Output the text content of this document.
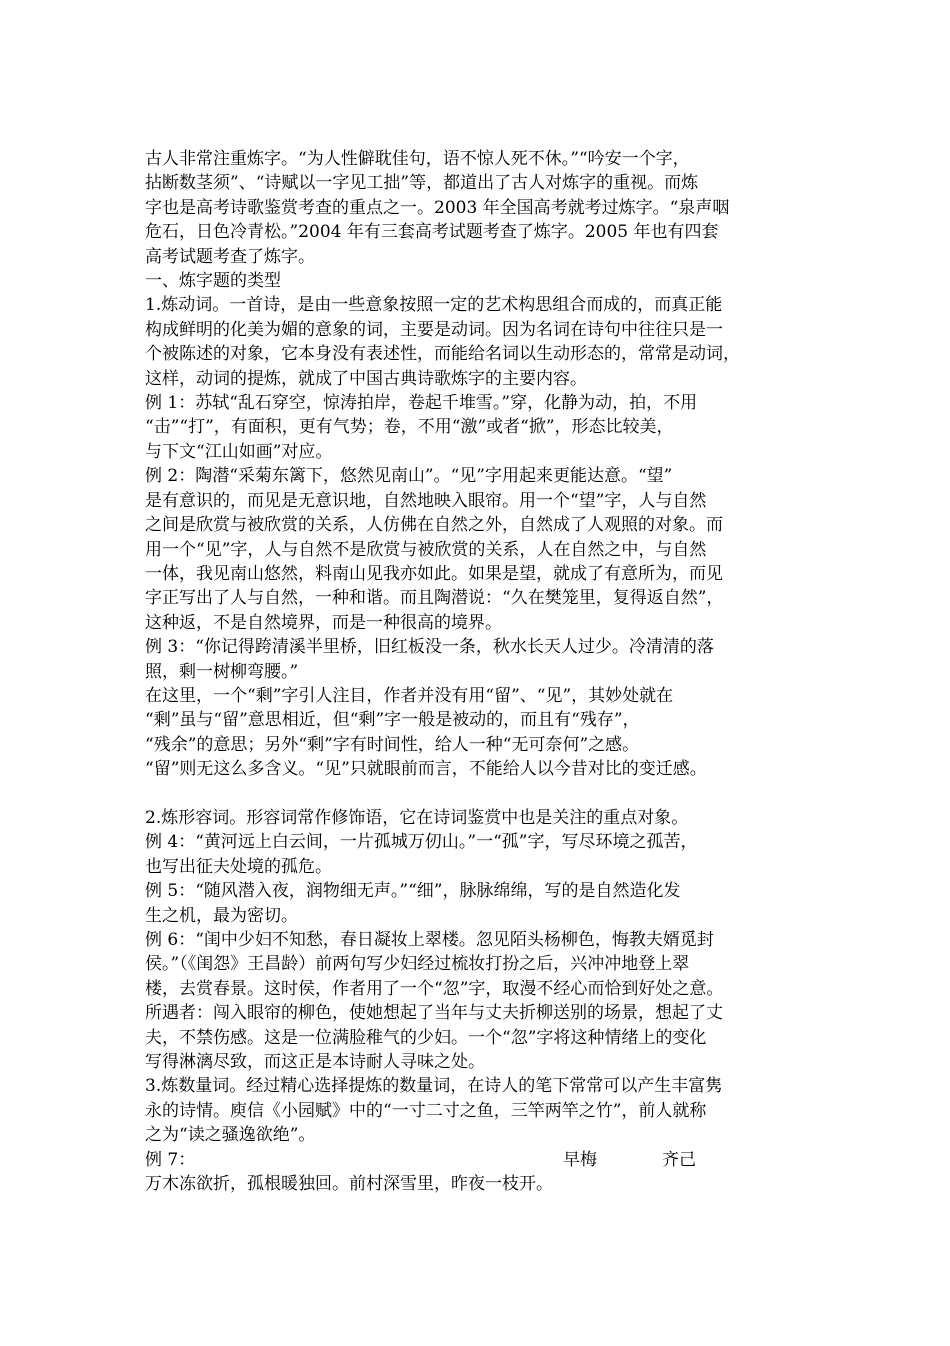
古人非常注重炼字。“为人性僻耽佳句，语不惊人死不休。”“吟安一个字，
拈断数茎须”、“诗赋以一字见工拙”等，都道出了古人对炼字的重视。而炼
字也是高考诗歌鉴赏考查的重点之一。2003 年全国高考就考过炼字。“泉声咽
危石，日色冷青松。”2004 年有三套高考试题考查了炼字。2005 年也有四套
高考试题考查了炼字。

一、炼字题的类型

1.炼动词。一首诗，是由一些意象按照一定的艺术构思组合而成的，而真正能
构成鲜明的化美为媚的意象的词，主要是动词。因为名词在诗句中往往只是一
个被陈述的对象，它本身没有表述性，而能给名词以生动形态的，常常是动词，
这样，动词的提炼，就成了中国古典诗歌炼字的主要内容。

例 1：苏轼“乱石穿空，惊涛拍岸，卷起千堆雪。”穿，化静为动，拍，不用
“击”“打”，有面积，更有气势；卷，不用“激”或者“掀”，形态比较美，
与下文“江山如画”对应。

例 2：陶潜“采菊东篱下，悠然见南山”。“见”字用起来更能达意。“望”
是有意识的，而见是无意识地，自然地映入眼帘。用一个“望”字，人与自然
之间是欣赏与被欣赏的关系，人仿佛在自然之外，自然成了人观照的对象。而
用一个“见”字，人与自然不是欣赏与被欣赏的关系，人在自然之中，与自然
一体，我见南山悠然，料南山见我亦如此。如果是望，就成了有意所为，而见
字正写出了人与自然，一种和谐。而且陶潜说：“久在樊笼里，复得返自然”，
这种返，不是自然境界，而是一种很高的境界。

例 3：“你记得跨清溪半里桥，旧红板没一条，秋水长天人过少。冷清清的落
照，剩一树柳弯腰。”

在这里，一个“剩”字引人注目，作者并没有用“留”、“见”，其妙处就在
“剩”虽与“留”意思相近，但“剩”字一般是被动的，而且有“残存”，
“残余”的意思；另外“剩”字有时间性，给人一种“无可奈何”之感。
“留”则无这么多含义。“见”只就眼前而言，不能给人以今昔对比的变迁感。

2.炼形容词。形容词常作修饰语，它在诗词鉴赏中也是关注的重点对象。

例 4：“黄河远上白云间，一片孤城万仞山。”一“孤”字，写尽环境之孤苦，
也写出征夫处境的孤危。

例 5：“随风潜入夜，润物细无声。”“细”，脉脉绵绵，写的是自然造化发
生之机，最为密切。

例 6：“闺中少妇不知愁，春日凝妆上翠楼。忽见陌头杨柳色，悔教夫婿觅封
侯。”（《闺怨》王昌龄）前两句写少妇经过梳妆打扮之后，兴冲冲地登上翠
楼，去赏春景。这时侯，作者用了一个“忽”字，取漫不经心而恰到好处之意。
所遇者：闯入眼帘的柳色，使她想起了当年与丈夫折柳送别的场景，想起了丈
夫，不禁伤感。这是一位满脸稚气的少妇。一个“忽”字将这种情绪上的变化
写得淋漓尽致，而这正是本诗耐人寻味之处。

3.炼数量词。经过精心选择提炼的数量词，在诗人的笔下常常可以产生丰富隽
永的诗情。庾信《小园赋》中的“一寸二寸之鱼，三竿两竿之竹”，前人就称
之为“读之骚逸欲绝”。

例 7：	早梅	齐己

万木冻欲折，孤根暖独回。前村深雪里，昨夜一枝开。
